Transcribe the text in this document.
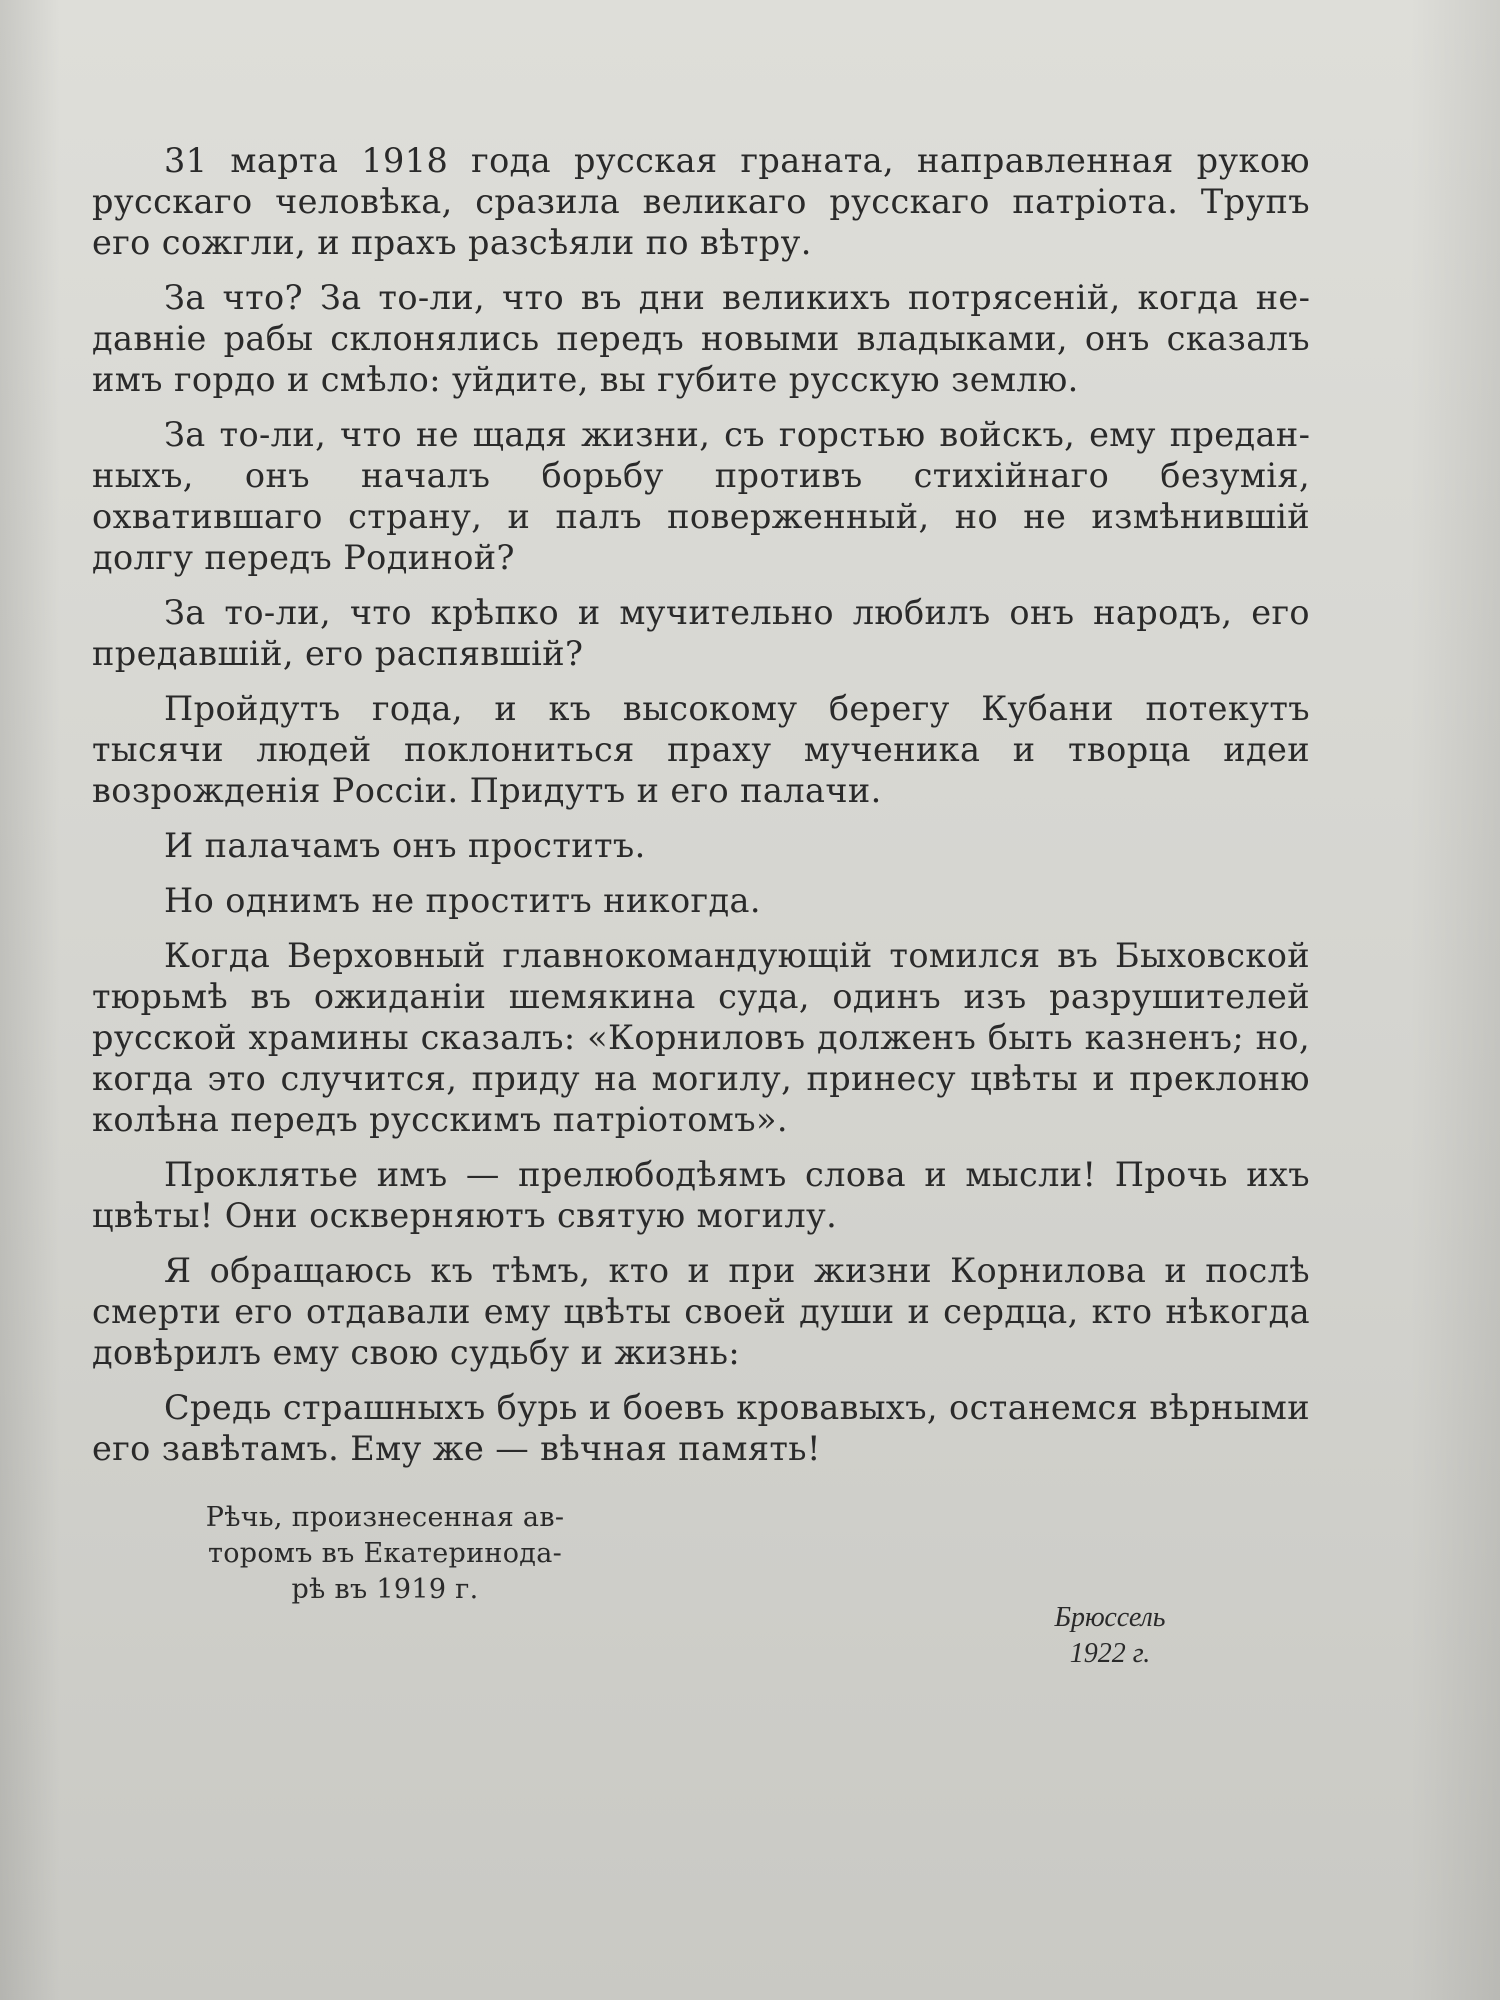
31 марта 1918 года русская граната, направленная рукою русскаго человѣка, сразила великаго русскаго патріота. Трупъ его сожгли, и прахъ разсѣяли по вѣтру.

За что? За то-ли, что въ дни великихъ потрясеній, когда недавніе рабы склонялись передъ новыми владыками, онъ сказалъ имъ гордо и смѣло: уйдите, вы губите русскую землю.

За то-ли, что не щадя жизни, съ горстью войскъ, ему преданныхъ, онъ началъ борьбу противъ стихійнаго безумія, охватившаго страну, и палъ поверженный, но не измѣнившій долгу передъ Родиной?

За то-ли, что крѣпко и мучительно любилъ онъ народъ, его предавшій, его распявшій?

Пройдутъ года, и къ высокому берегу Кубани потекутъ тысячи людей поклониться праху мученика и творца идеи возрожденія Россіи. Придутъ и его палачи.

И палачамъ онъ проститъ.

Но однимъ не проститъ никогда.

Когда Верховный главнокомандующій томился въ Быховской тюрьмѣ въ ожиданіи шемякина суда, одинъ изъ разрушителей русской храмины сказалъ: «Корниловъ долженъ быть казненъ; но, когда это случится, приду на могилу, принесу цвѣты и преклоню колѣна передъ русскимъ патріотомъ».

Проклятье имъ — прелюбодѣямъ слова и мысли! Прочь ихъ цвѣты! Они оскверняютъ святую могилу.

Я обращаюсь къ тѣмъ, кто и при жизни Корнилова и послѣ смерти его отдавали ему цвѣты своей души и сердца, кто нѣкогда довѣрилъ ему свою судьбу и жизнь:

Средь страшныхъ бурь и боевъ кровавыхъ, останемся вѣрными его завѣтамъ. Ему же — вѣчная память!

Рѣчь, произнесенная ав-
торомъ въ Екатеринода-
рѣ въ 1919 г.
Брюссель
1922 г.
